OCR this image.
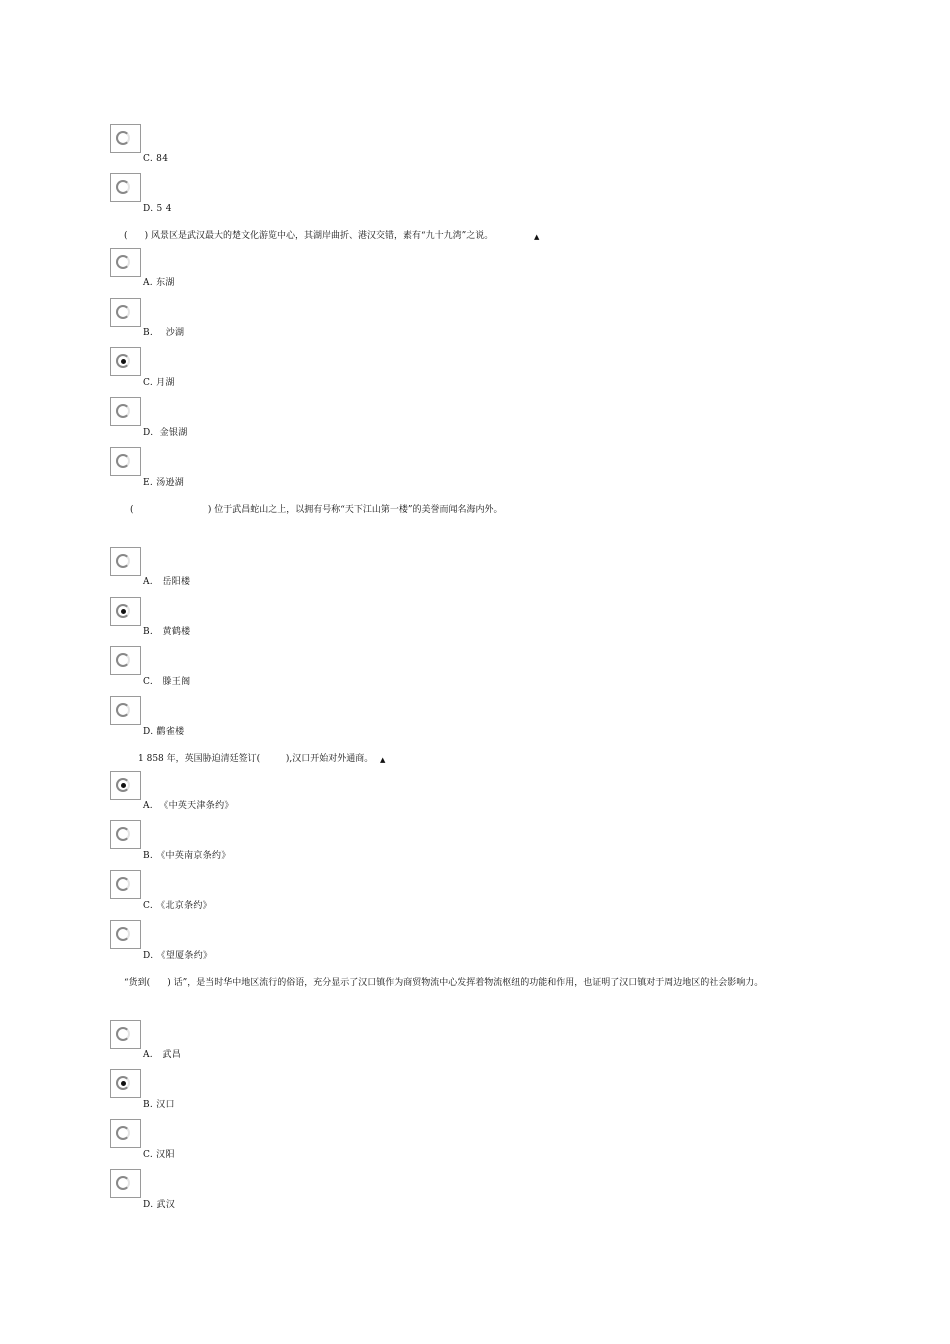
C. 84
D. 5 4
(      ) 风景区是武汉最大的楚文化游览中心，其湖岸曲折、港汉交错，素有“九十九湾”之说。	▲
A. 东湖
B.    沙湖
C. 月湖
D.  金银湖
E. 汤逊湖
(                          ) 位于武昌蛇山之上，以拥有号称“天下江山第一楼”的美誉而闻名海内外。
A.   岳阳楼
B.   黄鹤楼
C.   滕王阁
D. 鹳雀楼
1 858 年，英国胁迫清廷签订(         ),汉口开始对外通商。 ▲
A.  《中英天津条约》
B. 《中英南京条约》
C. 《北京条约》
D. 《望厦条约》
“货到(      ) 话”，是当时华中地区流行的俗语，充分显示了汉口镇作为商贸物流中心发挥着物流枢纽的功能和作用，也证明了汉口镇对于周边地区的社会影响力。
A.   武昌
B. 汉口
C. 汉阳
D. 武汉
